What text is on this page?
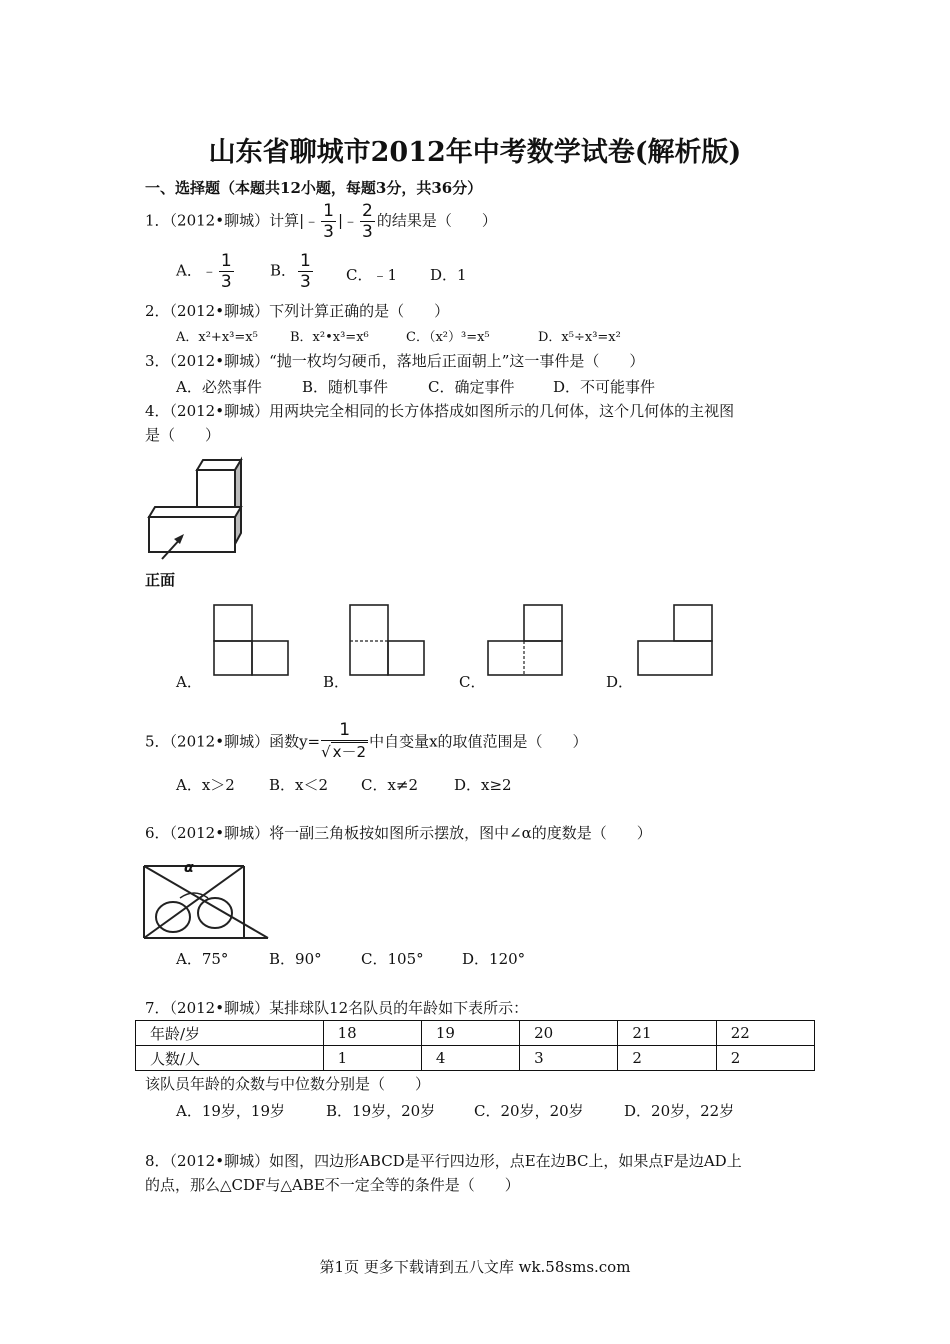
山东省聊城市2012年中考数学试卷(解析版)
一、选择题（本题共12小题，每题3分，共36分）
1．（2012•聊城）计算|﹣ $\frac{1}{3}$ |﹣ $\frac{2}{3}$ 的结果是（　　）
A．﹣ $\frac{1}{3}$ B． $\frac{1}{3}$ C．﹣1 D．1
2．（2012•聊城）下列计算正确的是（　　）
A．x²+x³=x⁵ B．x²•x³=x⁶	C．（x²）³=x⁵	D．x⁵÷x³=x²
3．（2012•聊城）“抛一枚均匀硬币，落地后正面朝上”这一事件是（　　）
A．必然事件	B．随机事件	C．确定事件	D．不可能事件
4．（2012•聊城）用两块完全相同的长方体搭成如图所示的几何体，这个几何体的主视图
是（　　）
正面
A．	B．	C．	D．
5．（2012•聊城）函数$y= \frac{1}{√ x-2}$ 中自变量x的取值范围是（　　）
A．x＞2 B．x＜2 C．x≠2 D．x≥2
6．（2012•聊城）将一副三角板按如图所示摆放，图中∠α的度数是（　　）
α
A．75°	B．90°	C．105°	D．120°
7．（2012•聊城）某排球队12名队员的年龄如下表所示：
年龄/岁	18	19	20	21	22
人数/人	1	4	3	2	2
该队员年龄的众数与中位数分别是（　　）
A．19岁，19岁	B．19岁，20岁	C．20岁，20岁	D．20岁，22岁
8．（2012•聊城）如图，四边形ABCD是平行四边形，点E在边BC上，如果点F是边AD上
的点，那么△CDF与△ABE不一定全等的条件是（　　）
第1页 更多下载请到五八文库 wk.58sms.com
